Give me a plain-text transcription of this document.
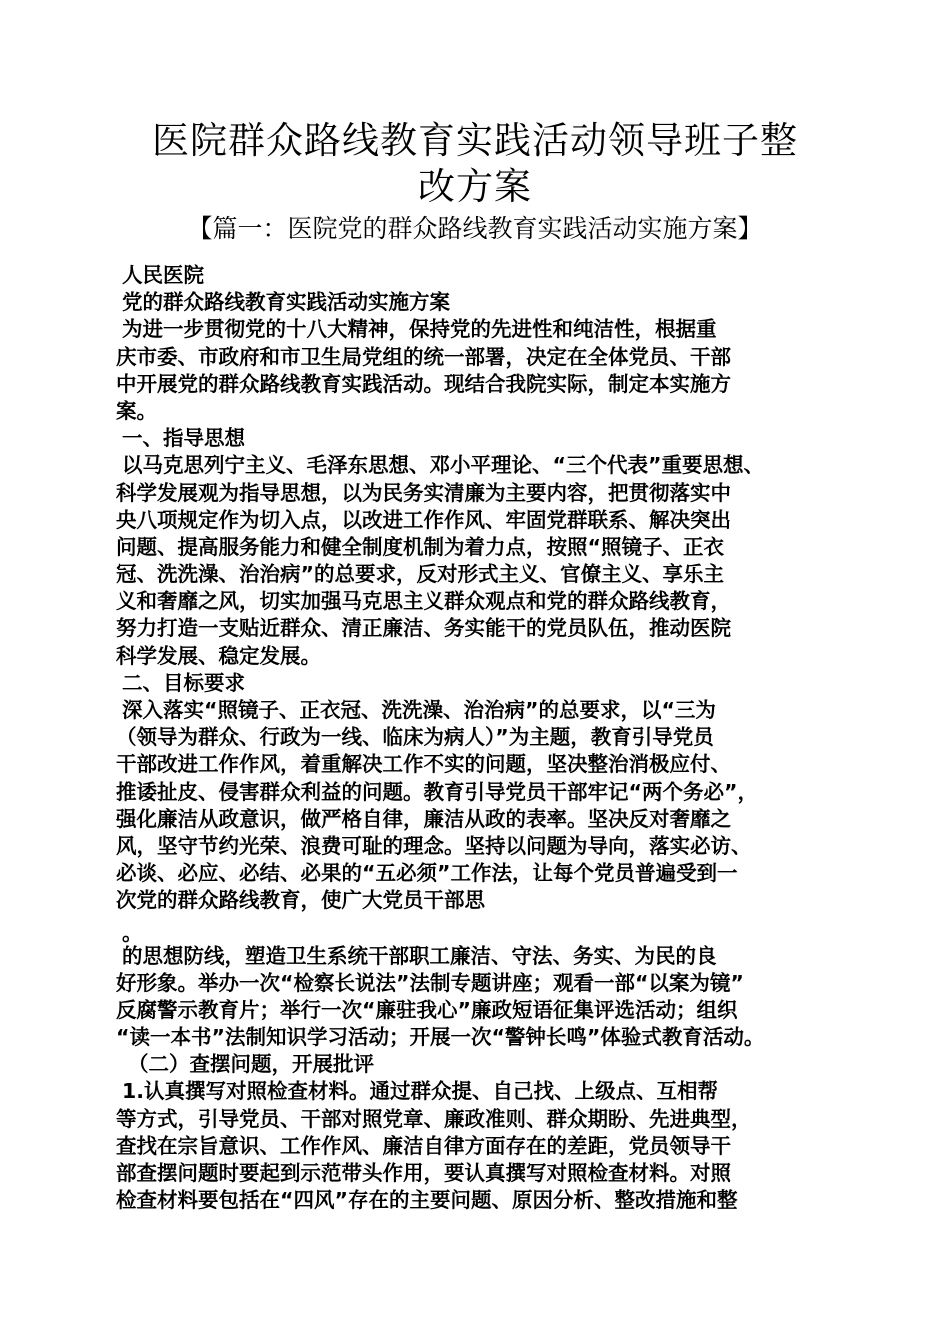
医院群众路线教育实践活动领导班子整
改方案
【篇一：医院党的群众路线教育实践活动实施方案】
人民医院
党的群众路线教育实践活动实施方案
为进一步贯彻党的十八大精神，保持党的先进性和纯洁性，根据重
庆市委、市政府和市卫生局党组的统一部署，决定在全体党员、干部
中开展党的群众路线教育实践活动。现结合我院实际，制定本实施方
案。
一、指导思想
以马克思列宁主义、毛泽东思想、邓小平理论、“三个代表”重要思想、
科学发展观为指导思想，以为民务实清廉为主要内容，把贯彻落实中
央八项规定作为切入点，以改进工作作风、牢固党群联系、解决突出
问题、提高服务能力和健全制度机制为着力点，按照“照镜子、正衣
冠、洗洗澡、治治病”的总要求，反对形式主义、官僚主义、享乐主
义和奢靡之风，切实加强马克思主义群众观点和党的群众路线教育，
努力打造一支贴近群众、清正廉洁、务实能干的党员队伍，推动医院
科学发展、稳定发展。
二、目标要求
深入落实“照镜子、正衣冠、洗洗澡、治治病”的总要求，以“三为
（领导为群众、行政为一线、临床为病人）”为主题，教育引导党员
干部改进工作作风，着重解决工作不实的问题，坚决整治消极应付、
推诿扯皮、侵害群众利益的问题。教育引导党员干部牢记“两个务必”，
强化廉洁从政意识，做严格自律，廉洁从政的表率。坚决反对奢靡之
风，坚守节约光荣、浪费可耻的理念。坚持以问题为导向，落实必访、
必谈、必应、必结、必果的“五必须”工作法，让每个党员普遍受到一
次党的群众路线教育，使广大党员干部思
。
的思想防线，塑造卫生系统干部职工廉洁、守法、务实、为民的良
好形象。举办一次“检察长说法”法制专题讲座；观看一部“以案为镜”
反腐警示教育片；举行一次“廉驻我心”廉政短语征集评选活动；组织
“读一本书”法制知识学习活动；开展一次“警钟长鸣”体验式教育活动。
（二）查摆问题，开展批评
1.认真撰写对照检查材料。通过群众提、自己找、上级点、互相帮
等方式，引导党员、干部对照党章、廉政准则、群众期盼、先进典型，
查找在宗旨意识、工作作风、廉洁自律方面存在的差距，党员领导干
部查摆问题时要起到示范带头作用，要认真撰写对照检查材料。对照
检查材料要包括在“四风”存在的主要问题、原因分析、整改措施和整
